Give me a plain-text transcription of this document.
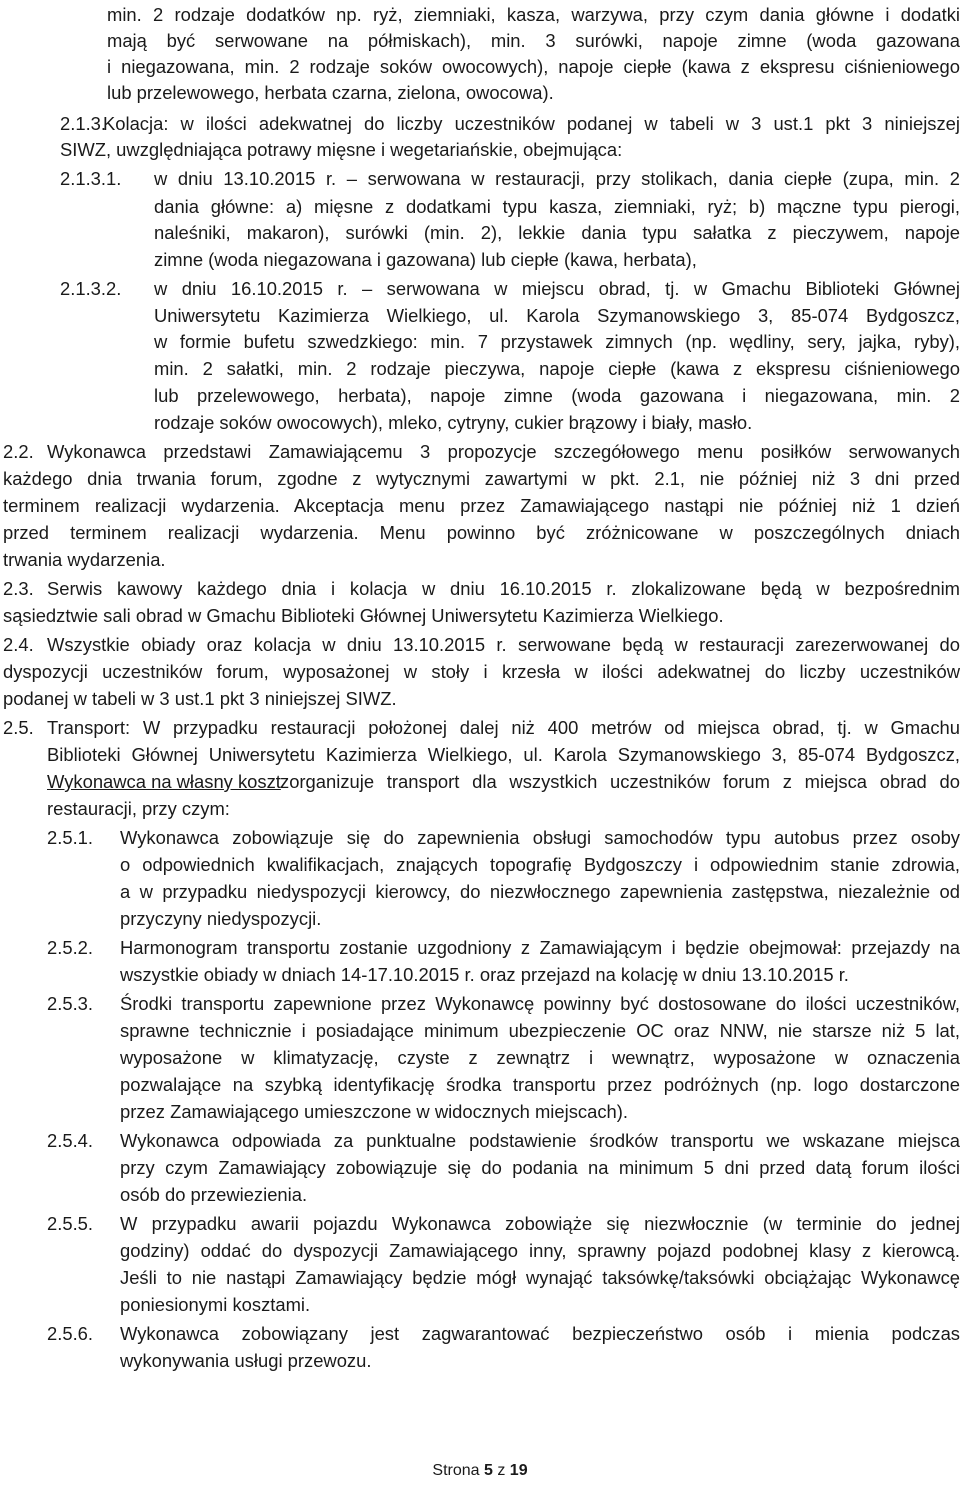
min. 2 rodzaje dodatków np. ryż, ziemniaki, kasza, warzywa, przy czym dania główne i dodatki
mają być serwowane na półmiskach), min. 3 surówki, napoje zimne (woda gazowana
i niegazowana, min. 2 rodzaje soków owocowych), napoje ciepłe (kawa z ekspresu ciśnieniowego
lub przelewowego, herbata czarna, zielona, owocowa).
Kolacja: w ilości adekwatnej do liczby uczestników podanej w tabeli w 3 ust.1 pkt 3 niniejszej
SIWZ, uwzględniająca potrawy mięsne i wegetariańskie, obejmująca:
w dniu 13.10.2015 r. – serwowana w restauracji, przy stolikach, dania ciepłe (zupa, min. 2
dania główne: a) mięsne z dodatkami typu kasza, ziemniaki, ryż; b) mączne typu pierogi,
naleśniki, makaron), surówki (min. 2), lekkie dania typu sałatka z pieczywem, napoje
zimne (woda niegazowana i gazowana) lub ciepłe (kawa, herbata),
w dniu 16.10.2015 r. – serwowana w miejscu obrad, tj. w Gmachu Biblioteki Głównej
Uniwersytetu Kazimierza Wielkiego, ul. Karola Szymanowskiego 3, 85-074 Bydgoszcz,
w formie bufetu szwedzkiego: min. 7 przystawek zimnych (np. wędliny, sery, jajka, ryby),
min. 2 sałatki, min. 2 rodzaje pieczywa, napoje ciepłe (kawa z ekspresu ciśnieniowego
lub przelewowego, herbata), napoje zimne (woda gazowana i niegazowana, min. 2
rodzaje soków owocowych), mleko, cytryny, cukier brązowy i biały, masło.
Wykonawca przedstawi Zamawiającemu 3 propozycje szczegółowego menu posiłków serwowanych
każdego dnia trwania forum, zgodne z wytycznymi zawartymi w pkt. 2.1, nie później niż 3 dni przed
terminem realizacji wydarzenia. Akceptacja menu przez Zamawiającego nastąpi nie później niż 1 dzień
przed terminem realizacji wydarzenia. Menu powinno być zróżnicowane w poszczególnych dniach
trwania wydarzenia.
Serwis kawowy każdego dnia i kolacja w dniu 16.10.2015 r. zlokalizowane będą w bezpośrednim
sąsiedztwie sali obrad w Gmachu Biblioteki Głównej Uniwersytetu Kazimierza Wielkiego.
Wszystkie obiady oraz kolacja w dniu 13.10.2015 r. serwowane będą w restauracji zarezerwowanej do
dyspozycji uczestników forum, wyposażonej w stoły i krzesła w ilości adekwatnej do liczby uczestników
podanej w tabeli w 3 ust.1 pkt 3 niniejszej SIWZ.
Transport: W przypadku restauracji położonej dalej niż 400 metrów od miejsca obrad, tj. w Gmachu
Biblioteki Głównej Uniwersytetu Kazimierza Wielkiego, ul. Karola Szymanowskiego 3, 85-074 Bydgoszcz,
zorganizuje transport dla wszystkich uczestników forum z miejsca obrad do
restauracji, przy czym:
Wykonawca zobowiązuje się do zapewnienia obsługi samochodów typu autobus przez osoby
o odpowiednich kwalifikacjach, znających topografię Bydgoszczy i odpowiednim stanie zdrowia,
a w przypadku niedyspozycji kierowcy, do niezwłocznego zapewnienia zastępstwa, niezależnie od
przyczyny niedyspozycji.
Harmonogram transportu zostanie uzgodniony z Zamawiającym i będzie obejmował: przejazdy na
wszystkie obiady w dniach 14-17.10.2015 r. oraz przejazd na kolację w dniu 13.10.2015 r.
Środki transportu zapewnione przez Wykonawcę powinny być dostosowane do ilości uczestników,
sprawne technicznie i posiadające minimum ubezpieczenie OC oraz NNW, nie starsze niż 5 lat,
wyposażone w klimatyzację, czyste z zewnątrz i wewnątrz, wyposażone w oznaczenia
pozwalające na szybką identyfikację środka transportu przez podróżnych (np. logo dostarczone
przez Zamawiającego umieszczone w widocznych miejscach).
Wykonawca odpowiada za punktualne podstawienie środków transportu we wskazane miejsca
przy czym Zamawiający zobowiązuje się do podania na minimum 5 dni przed datą forum ilości
osób do przewiezienia.
W przypadku awarii pojazdu Wykonawca zobowiąże się niezwłocznie (w terminie do jednej
godziny) oddać do dyspozycji Zamawiającego inny, sprawny pojazd podobnej klasy z kierowcą.
Jeśli to nie nastąpi Zamawiający będzie mógł wynająć taksówkę/taksówki obciążając Wykonawcę
poniesionymi kosztami.
Wykonawca zobowiązany jest zagwarantować bezpieczeństwo osób i mienia podczas
wykonywania usługi przewozu.
2.1.3.
2.1.3.1.
2.1.3.2.
2.2.
2.3.
2.4.
2.5.
2.5.1.
2.5.2.
2.5.3.
2.5.4.
2.5.5.
2.5.6.
Wykonawca na własny koszt
Strona 5 z 19
